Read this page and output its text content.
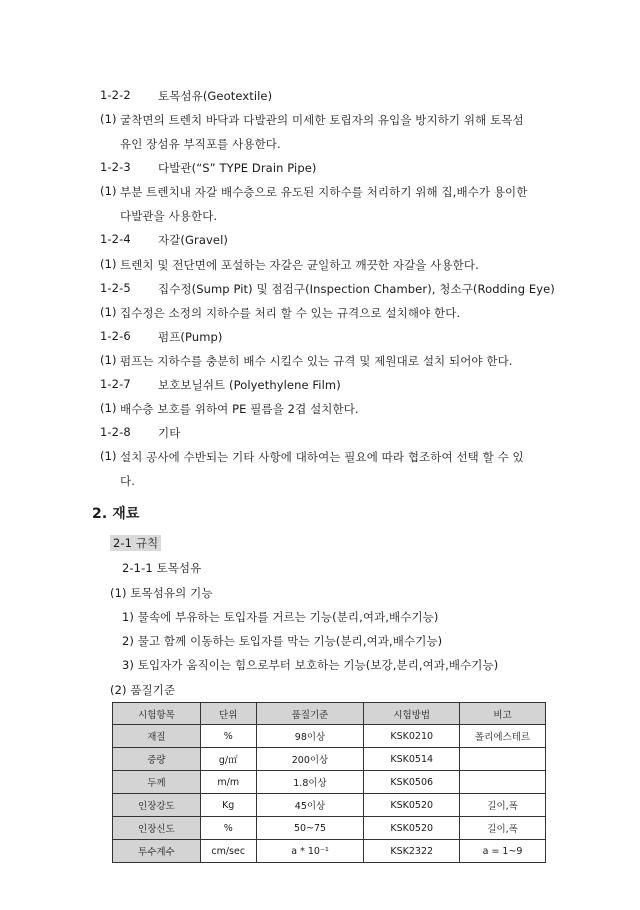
1-2-2 토목섬유(Geotextile)
(1) 굴착면의 트렌치 바닥과 다발관의 미세한 토립자의 유입을 방지하기 위해 토목섬
유인 장섬유 부직포를 사용한다.
1-2-3 다발관(“S” TYPE Drain Pipe)
(1) 부분 트렌치내 자갈 배수층으로 유도된 지하수를 처리하기 위해 집,배수가 용이한
다발관을 사용한다.
1-2-4 자갈(Gravel)
(1) 트렌치 및 전단면에 포설하는 자갈은 균일하고 깨끗한 자갈을 사용한다.
1-2-5 집수정(Sump Pit) 및 점검구(Inspection Chamber), 청소구(Rodding Eye)
(1) 집수정은 소정의 지하수를 처리 할 수 있는 규격으로 설치해야 한다.
1-2-6 펌프(Pump)
(1) 펌프는 지하수를 충분히 배수 시킬수 있는 규격 및 제원대로 설치 되어야 한다.
1-2-7 보호보닐쉬트 (Polyethylene Film)
(1) 배수층 보호를 위하여 PE 필름을 2겹 설치한다.
1-2-8 기타
(1) 설치 공사에 수반되는 기타 사항에 대하여는 필요에 따라 협조하여 선택 할 수 있
다.
2. 재료
2-1 규칙
2-1-1 토목섬유
(1) 토목섬유의 기능
1) 물속에 부유하는 토입자를 거르는 기능(분리,여과,배수기능)
2) 물고 함께 이동하는 토입자를 막는 기능(분리,여과,배수기능)
3) 토입자가 움직이는 힘으로부터 보호하는 기능(보강,분리,여과,배수기능)
(2) 품질기준
시험항목	단위	품질기준	시험방법	비고
재질	%	98이상	KSK0210	폴리에스테르
중량	g/㎡	200이상	KSK0514	
두께	m/m	1.8이상	KSK0506	
인장강도	Kg	45이상	KSK0520	길이,폭
인장신도	%	50~75	KSK0520	길이,폭
투수계수	cm/sec	a * 10⁻¹	KSK2322	a = 1~9
